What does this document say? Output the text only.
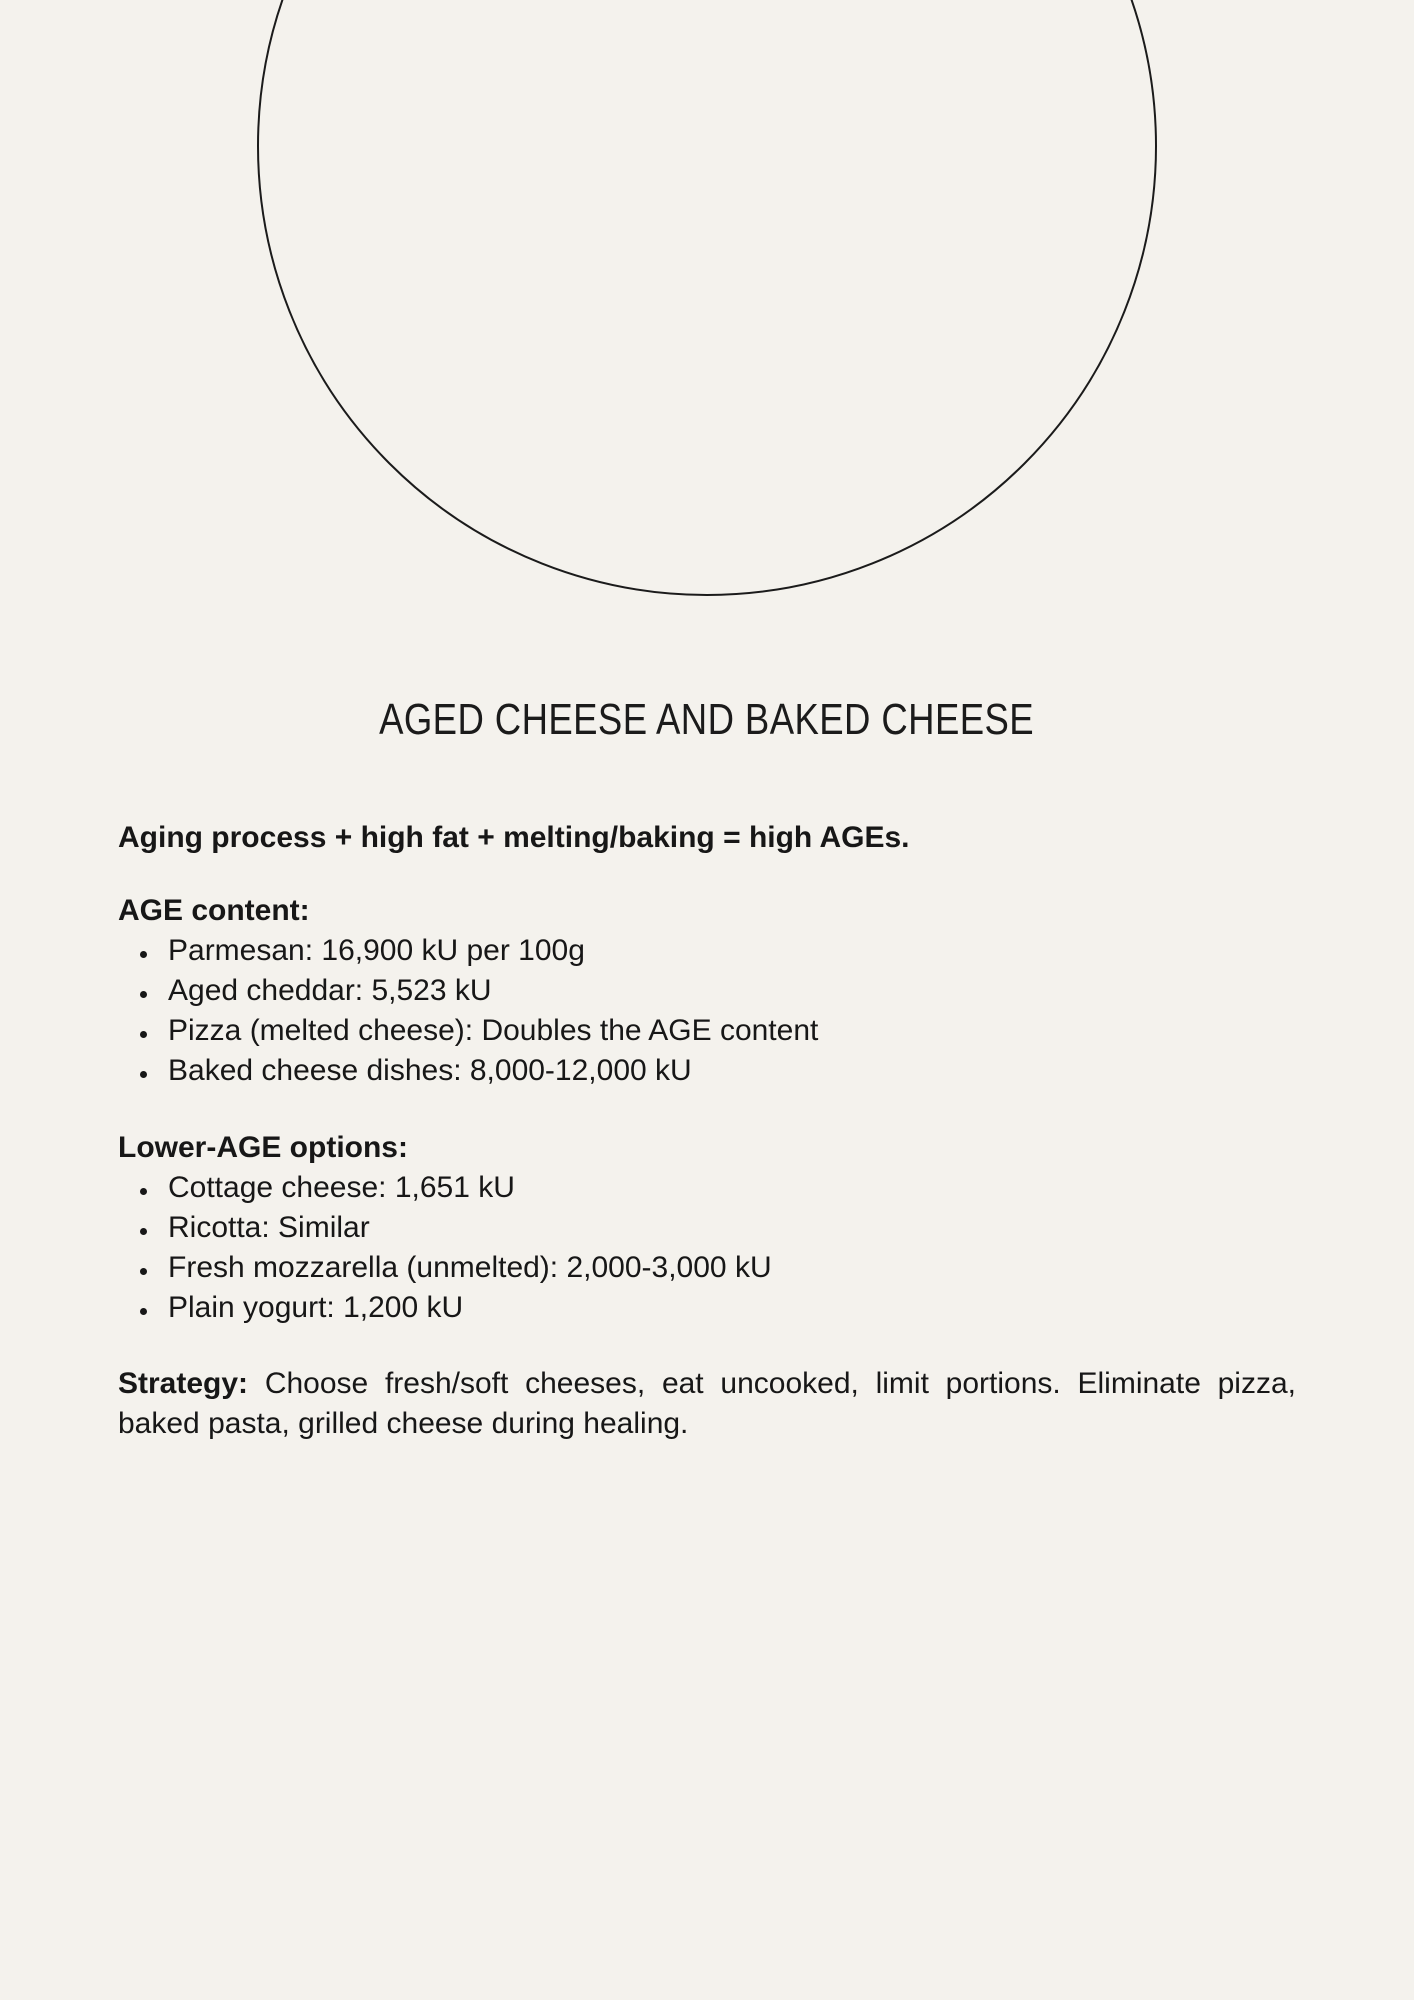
AGED CHEESE AND BAKED CHEESE

Aging process + high fat + melting/baking = high AGEs.

AGE content:
Parmesan: 16,900 kU per 100g
Aged cheddar: 5,523 kU
Pizza (melted cheese): Doubles the AGE content
Baked cheese dishes: 8,000-12,000 kU
Lower-AGE options:
Cottage cheese: 1,651 kU
Ricotta: Similar
Fresh mozzarella (unmelted): 2,000-3,000 kU
Plain yogurt: 1,200 kU

Strategy: Choose fresh/soft cheeses, eat uncooked, limit portions. Eliminate pizza,
baked pasta, grilled cheese during healing.
